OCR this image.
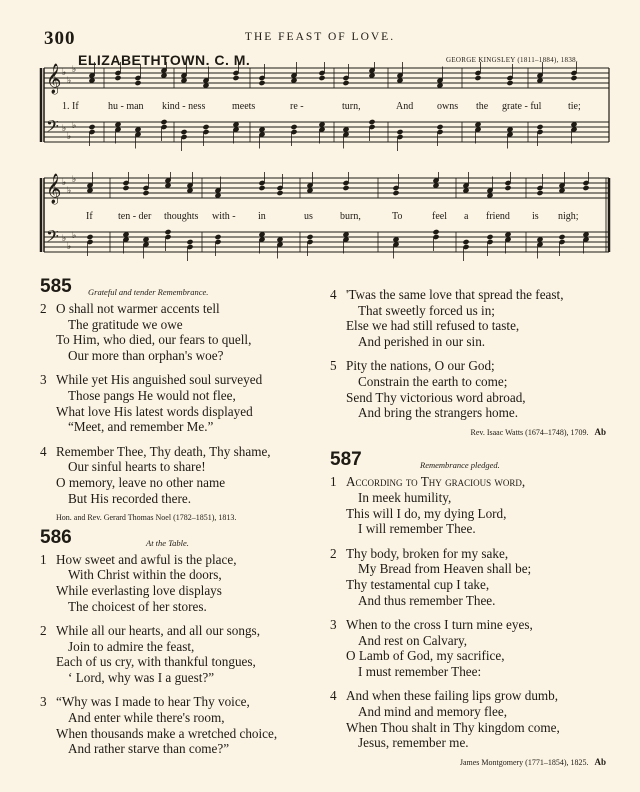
300	THE FEAST OF LOVE.
ELIZABETHTOWN. C. M.	GEORGE KINGSLEY (1811–1884), 1838.
𝄞
𝄢
♭
♭
♭
♭
♭
♭
1. If	hu - man kind - ness	meets	re -	turn,	And owns the grate - ful	tie;
𝄞
𝄢
♭
♭
♭
♭
♭
♭
If	ten - der thoughts with - in	us	burn,	To	feel a friend is nigh;
585 Grateful and tender Remembrance.
2 O shall not warmer accents tell
The gratitude we owe
To Him, who died, our fears to quell,
Our more than orphan's woe?
3 While yet His anguished soul surveyed
Those pangs He would not flee,
What love His latest words displayed
“Meet, and remember Me.”
4 Remember Thee, Thy death, Thy shame,
Our sinful hearts to share!
O memory, leave no other name
But His recorded there.
Hon. and Rev. Gerard Thomas Noel (1782–1851), 1813.
586	At the Table.
1 How sweet and awful is the place,
With Christ within the doors,
While everlasting love displays
The choicest of her stores.
2 While all our hearts, and all our songs,
Join to admire the feast,
Each of us cry, with thankful tongues,
‘ Lord, why was I a guest?”
3 “Why was I made to hear Thy voice,
And enter while there's room,
When thousands make a wretched choice,
And rather starve than come?”
4 'Twas the same love that spread the feast,
That sweetly forced us in;
Else we had still refused to taste,
And perished in our sin.
5 Pity the nations, O our God;
Constrain the earth to come;
Send Thy victorious word abroad,
And bring the strangers home.
Rev. Isaac Watts (1674–1748), 1709. Ab
587	Remembrance pledged.
1 According to Thy gracious word,
In meek humility,
This will I do, my dying Lord,
I will remember Thee.
2 Thy body, broken for my sake,
My Bread from Heaven shall be;
Thy testamental cup I take,
And thus remember Thee.
3 When to the cross I turn mine eyes,
And rest on Calvary,
O Lamb of God, my sacrifice,
I must remember Thee:
4 And when these failing lips grow dumb,
And mind and memory flee,
When Thou shalt in Thy kingdom come,
Jesus, remember me.
James Montgomery (1771–1854), 1825. Ab
